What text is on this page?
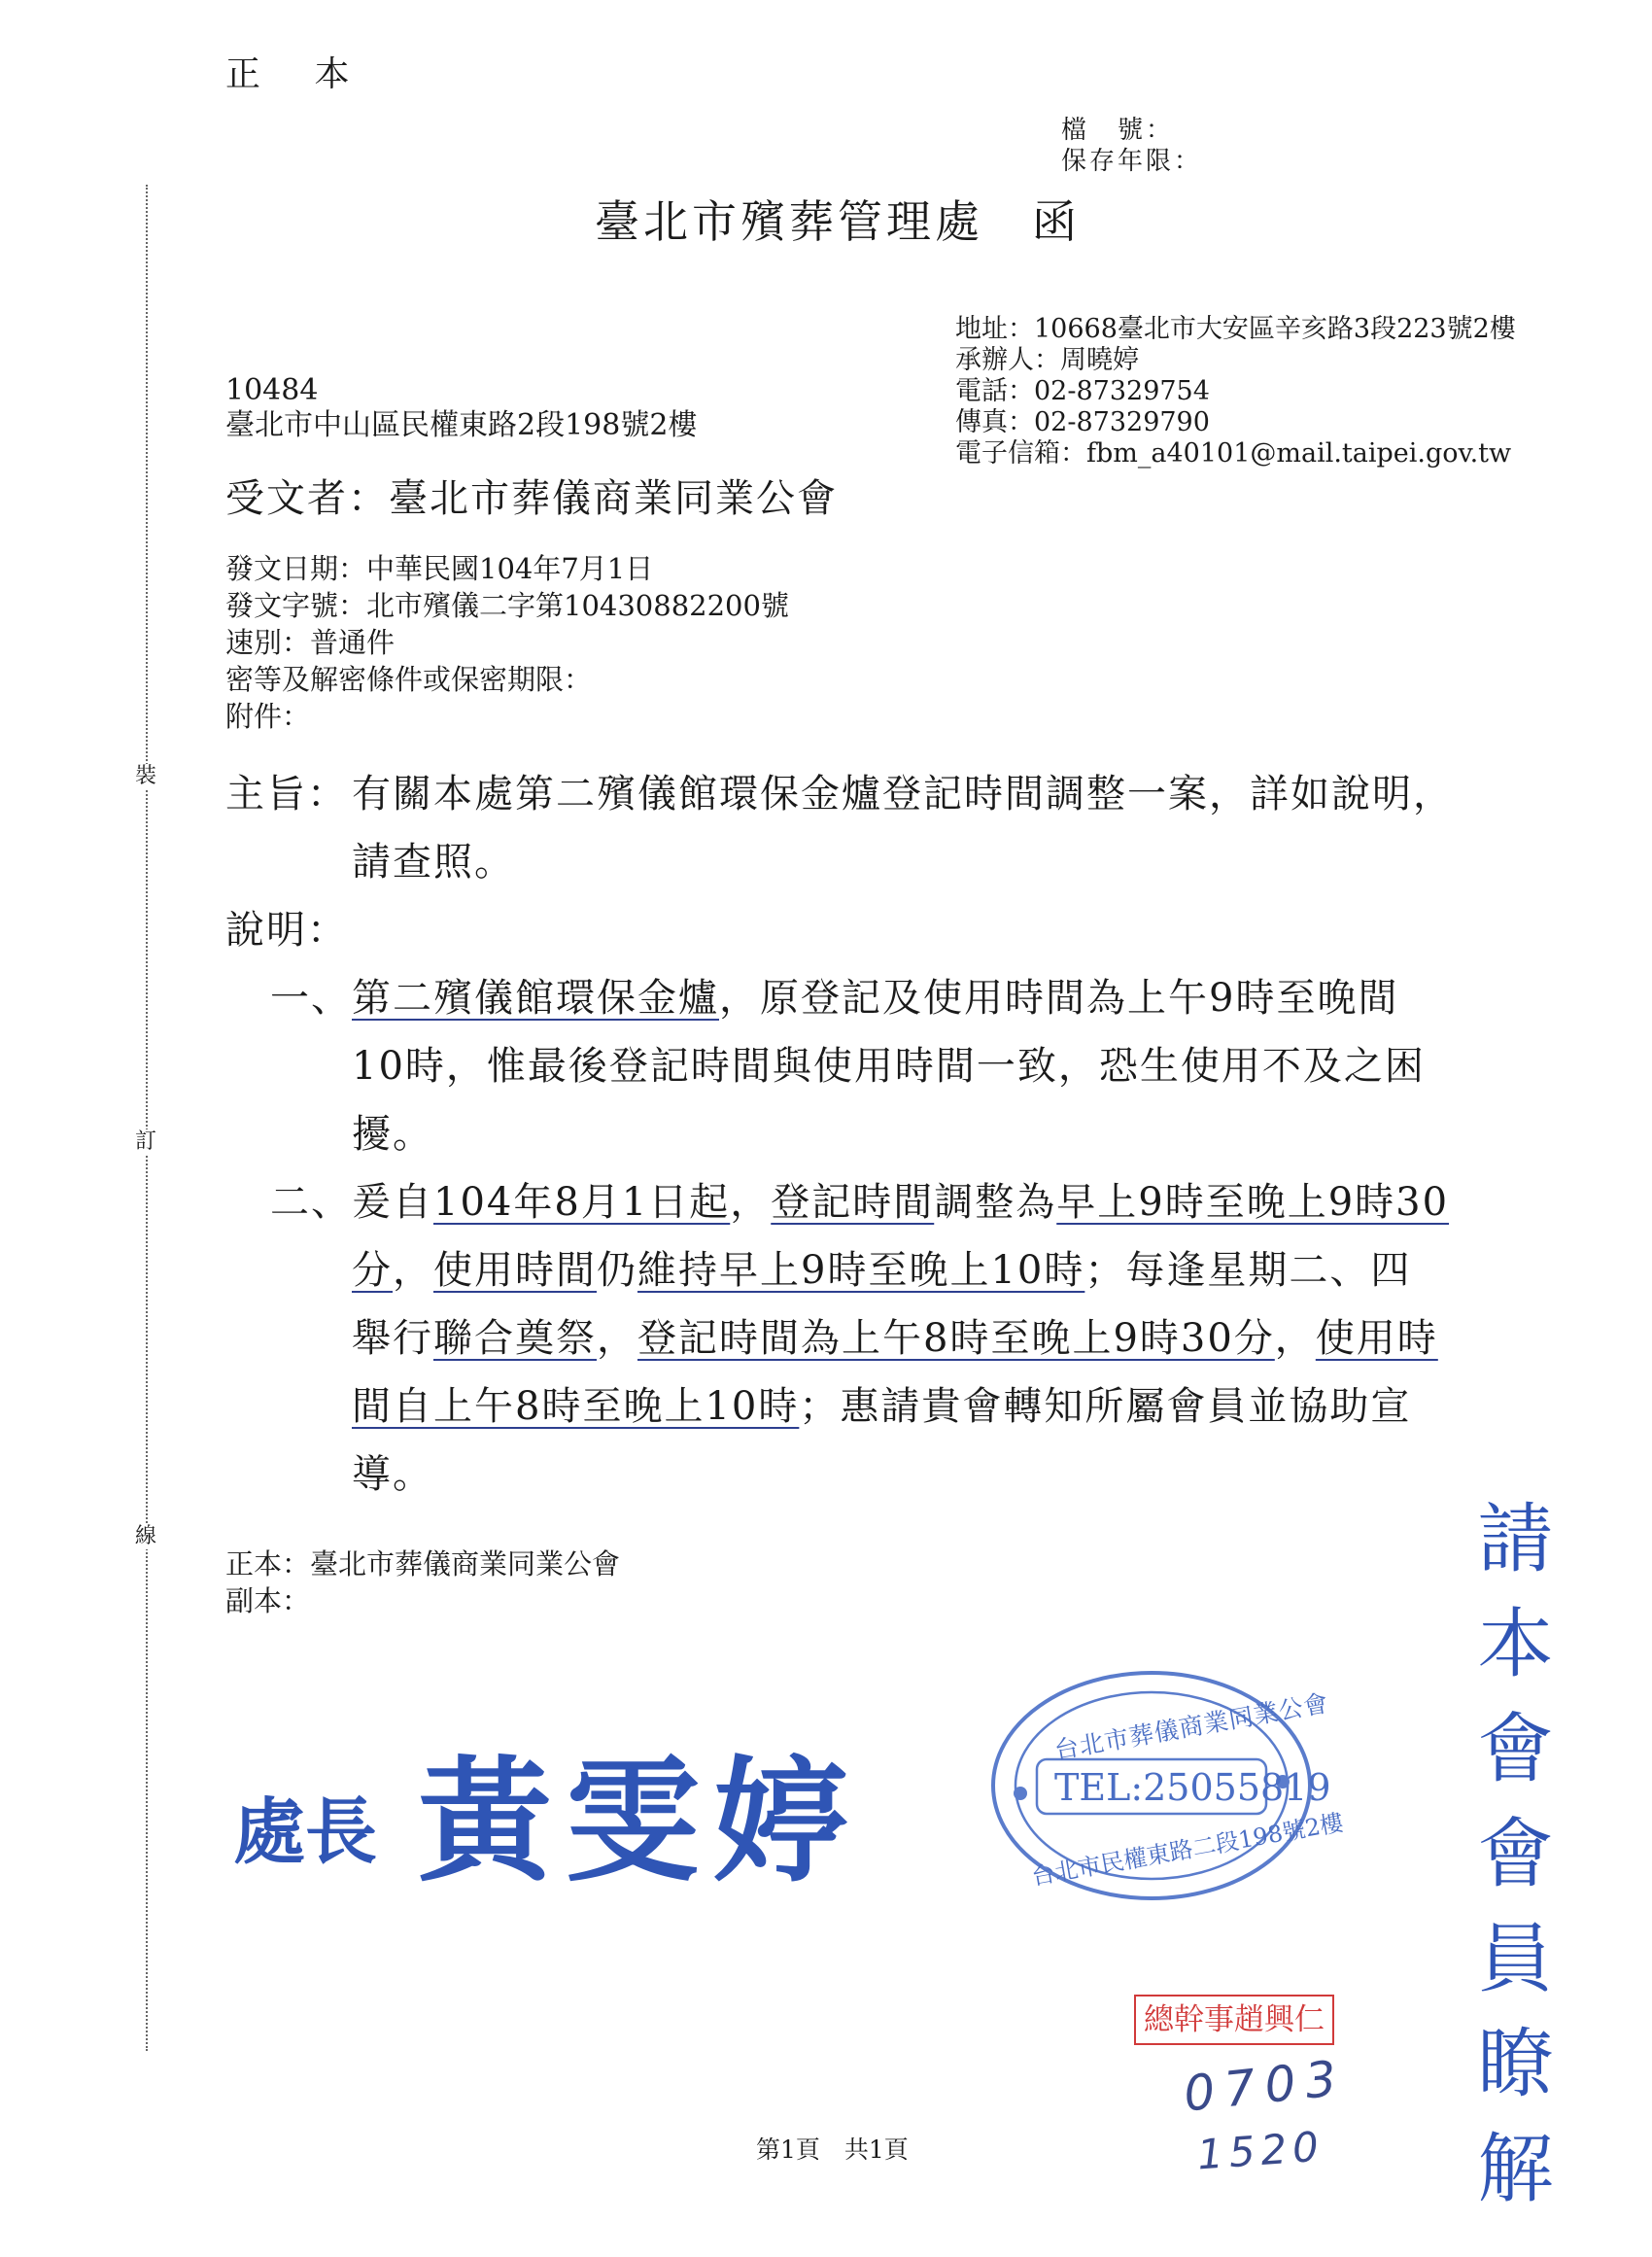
正 本
檔　號：
保存年限：
臺北市殯葬管理處　函
裝
訂
線
地址：10668臺北市大安區辛亥路3段223號2樓
承辦人：周曉婷
電話：02-87329754
傳真：02-87329790
電子信箱：fbm_a40101@mail.taipei.gov.tw
10484
臺北市中山區民權東路2段198號2樓
受文者：臺北市葬儀商業同業公會
發文日期：中華民國104年7月1日
發文字號：北市殯儀二字第10430882200號
速別：普通件
密等及解密條件或保密期限：
附件：
主旨： 有關本處第二殯儀館環保金爐登記時間調整一案，詳如說明，
請查照。
說明：
一、 第二殯儀館環保金爐，原登記及使用時間為上午9時至晚間
10時，惟最後登記時間與使用時間一致，恐生使用不及之困
擾。
二、 爰自104年8月1日起，登記時間調整為早上9時至晚上9時30
分，使用時間仍維持早上9時至晚上10時；每逢星期二、四
舉行聯合奠祭，登記時間為上午8時至晚上9時30分，使用時
間自上午8時至晚上10時；惠請貴會轉知所屬會員並協助宣
導。
正本：臺北市葬儀商業同業公會
副本：
處長 黃雯婷
台北市葬儀商業同業公會
TEL:25055819
台北市民權東路二段198號2樓
總幹事趙興仁
0703
1520
請
本
會
會
員
瞭
解
第1頁　共1頁
